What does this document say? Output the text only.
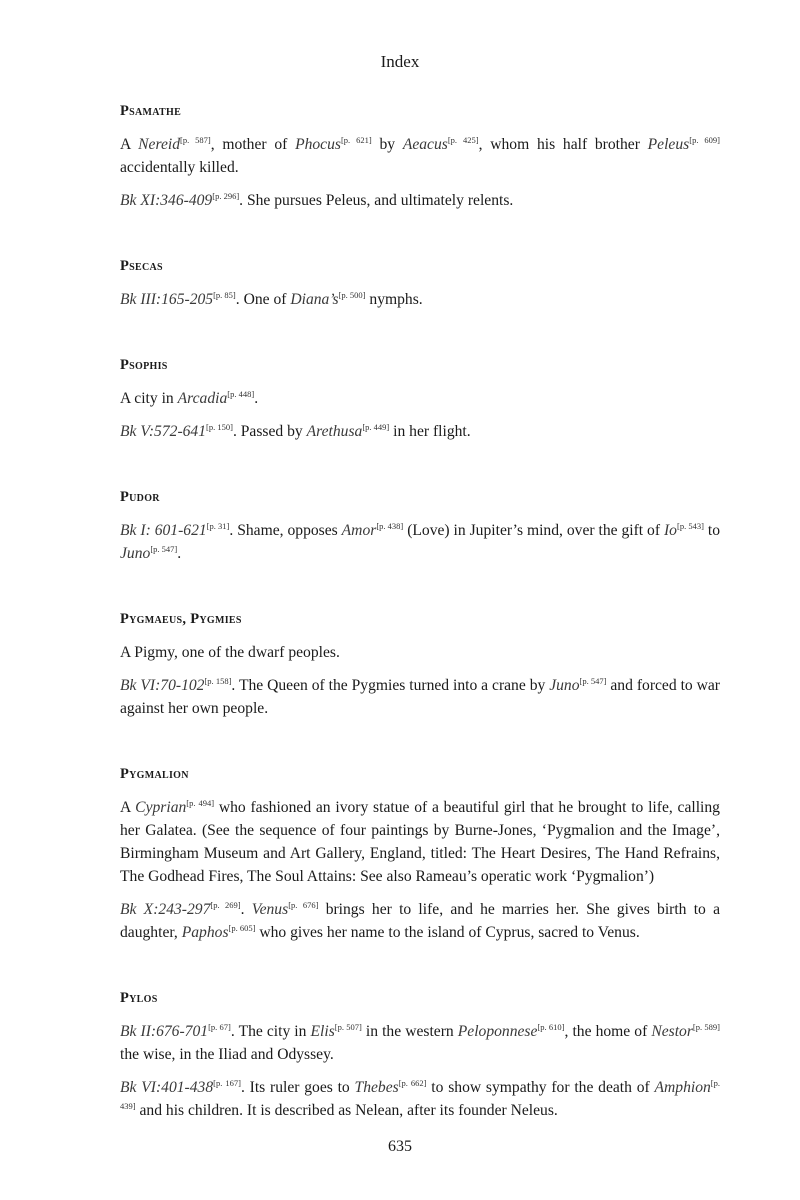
Index
Psamathe

A Nereid[p. 587], mother of Phocus[p. 621] by Aeacus[p. 425], whom his half brother Peleus[p. 609] accidentally killed.

Bk XI:346-409[p. 296]. She pursues Peleus, and ultimately relents.

Psecas

Bk III:165-205[p. 85]. One of Diana’s[p. 500] nymphs.

Psophis

A city in Arcadia[p. 448].

Bk V:572-641[p. 150]. Passed by Arethusa[p. 449] in her flight.

Pudor

Bk I: 601-621[p. 31]. Shame, opposes Amor[p. 438] (Love) in Jupiter’s mind, over the gift of Io[p. 543] to Juno[p. 547].

Pygmaeus, Pygmies

A Pigmy, one of the dwarf peoples.

Bk VI:70-102[p. 158]. The Queen of the Pygmies turned into a crane by Juno[p. 547] and forced to war against her own people.

Pygmalion

A Cyprian[p. 494] who fashioned an ivory statue of a beautiful girl that he brought to life, calling her Galatea. (See the sequence of four paintings by Burne-Jones, ‘Pygmalion and the Image’, Birmingham Museum and Art Gallery, England, titled: The Heart Desires, The Hand Refrains, The Godhead Fires, The Soul Attains: See also Rameau’s operatic work ‘Pygmalion’)

Bk X:243-297[p. 269]. Venus[p. 676] brings her to life, and he marries her. She gives birth to a daughter, Paphos[p. 605] who gives her name to the island of Cyprus, sacred to Venus.

Pylos

Bk II:676-701[p. 67]. The city in Elis[p. 507] in the western Peloponnese[p. 610], the home of Nestor[p. 589] the wise, in the Iliad and Odyssey.

Bk VI:401-438[p. 167]. Its ruler goes to Thebes[p. 662] to show sympathy for the death of Amphion[p. 439] and his children. It is described as Nelean, after its founder Neleus.

635
